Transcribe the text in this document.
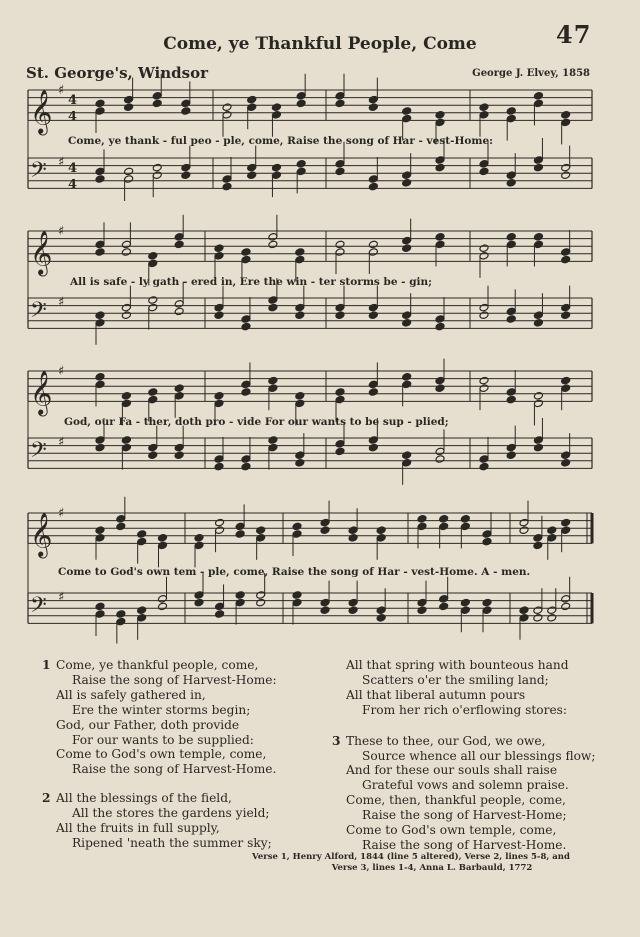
47
Come, ye Thankful People, Come
St. George's, Windsor	George J. Elvey, 1858
𝄞 ♯
4
4
𝄢 ♯ 4
4
𝄞 ♯
𝄢 ♯
𝄞 ♯
𝄢 ♯
𝄞 ♯
𝄢 ♯
Come, ye thank - ful peo - ple, come, Raise the song of Har - vest-Home:
All is safe - ly gath - ered in, Ere the win - ter storms be - gin;
God, our Fa - ther, doth pro - vide For our wants to be sup - plied;
Come to God's own tem - ple, come, Raise the song of Har - vest-Home. A - men.
1 Come, ye thankful people, come,
Raise the song of Harvest-Home:
All is safely gathered in,
Ere the winter storms begin;
God, our Father, doth provide
For our wants to be supplied:
Come to God's own temple, come,
Raise the song of Harvest-Home.
2 All the blessings of the field,
All the stores the gardens yield;
All the fruits in full supply,
Ripened 'neath the summer sky;
All that spring with bounteous hand
Scatters o'er the smiling land;
All that liberal autumn pours
From her rich o'erflowing stores:
3 These to thee, our God, we owe,
Source whence all our blessings flow;
And for these our souls shall raise
Grateful vows and solemn praise.
Come, then, thankful people, come,
Raise the song of Harvest-Home;
Come to God's own temple, come,
Raise the song of Harvest-Home.
Verse 1, Henry Alford, 1844 (line 5 altered), Verse 2, lines 5-8, and
Verse 3, lines 1-4, Anna L. Barbauld, 1772
